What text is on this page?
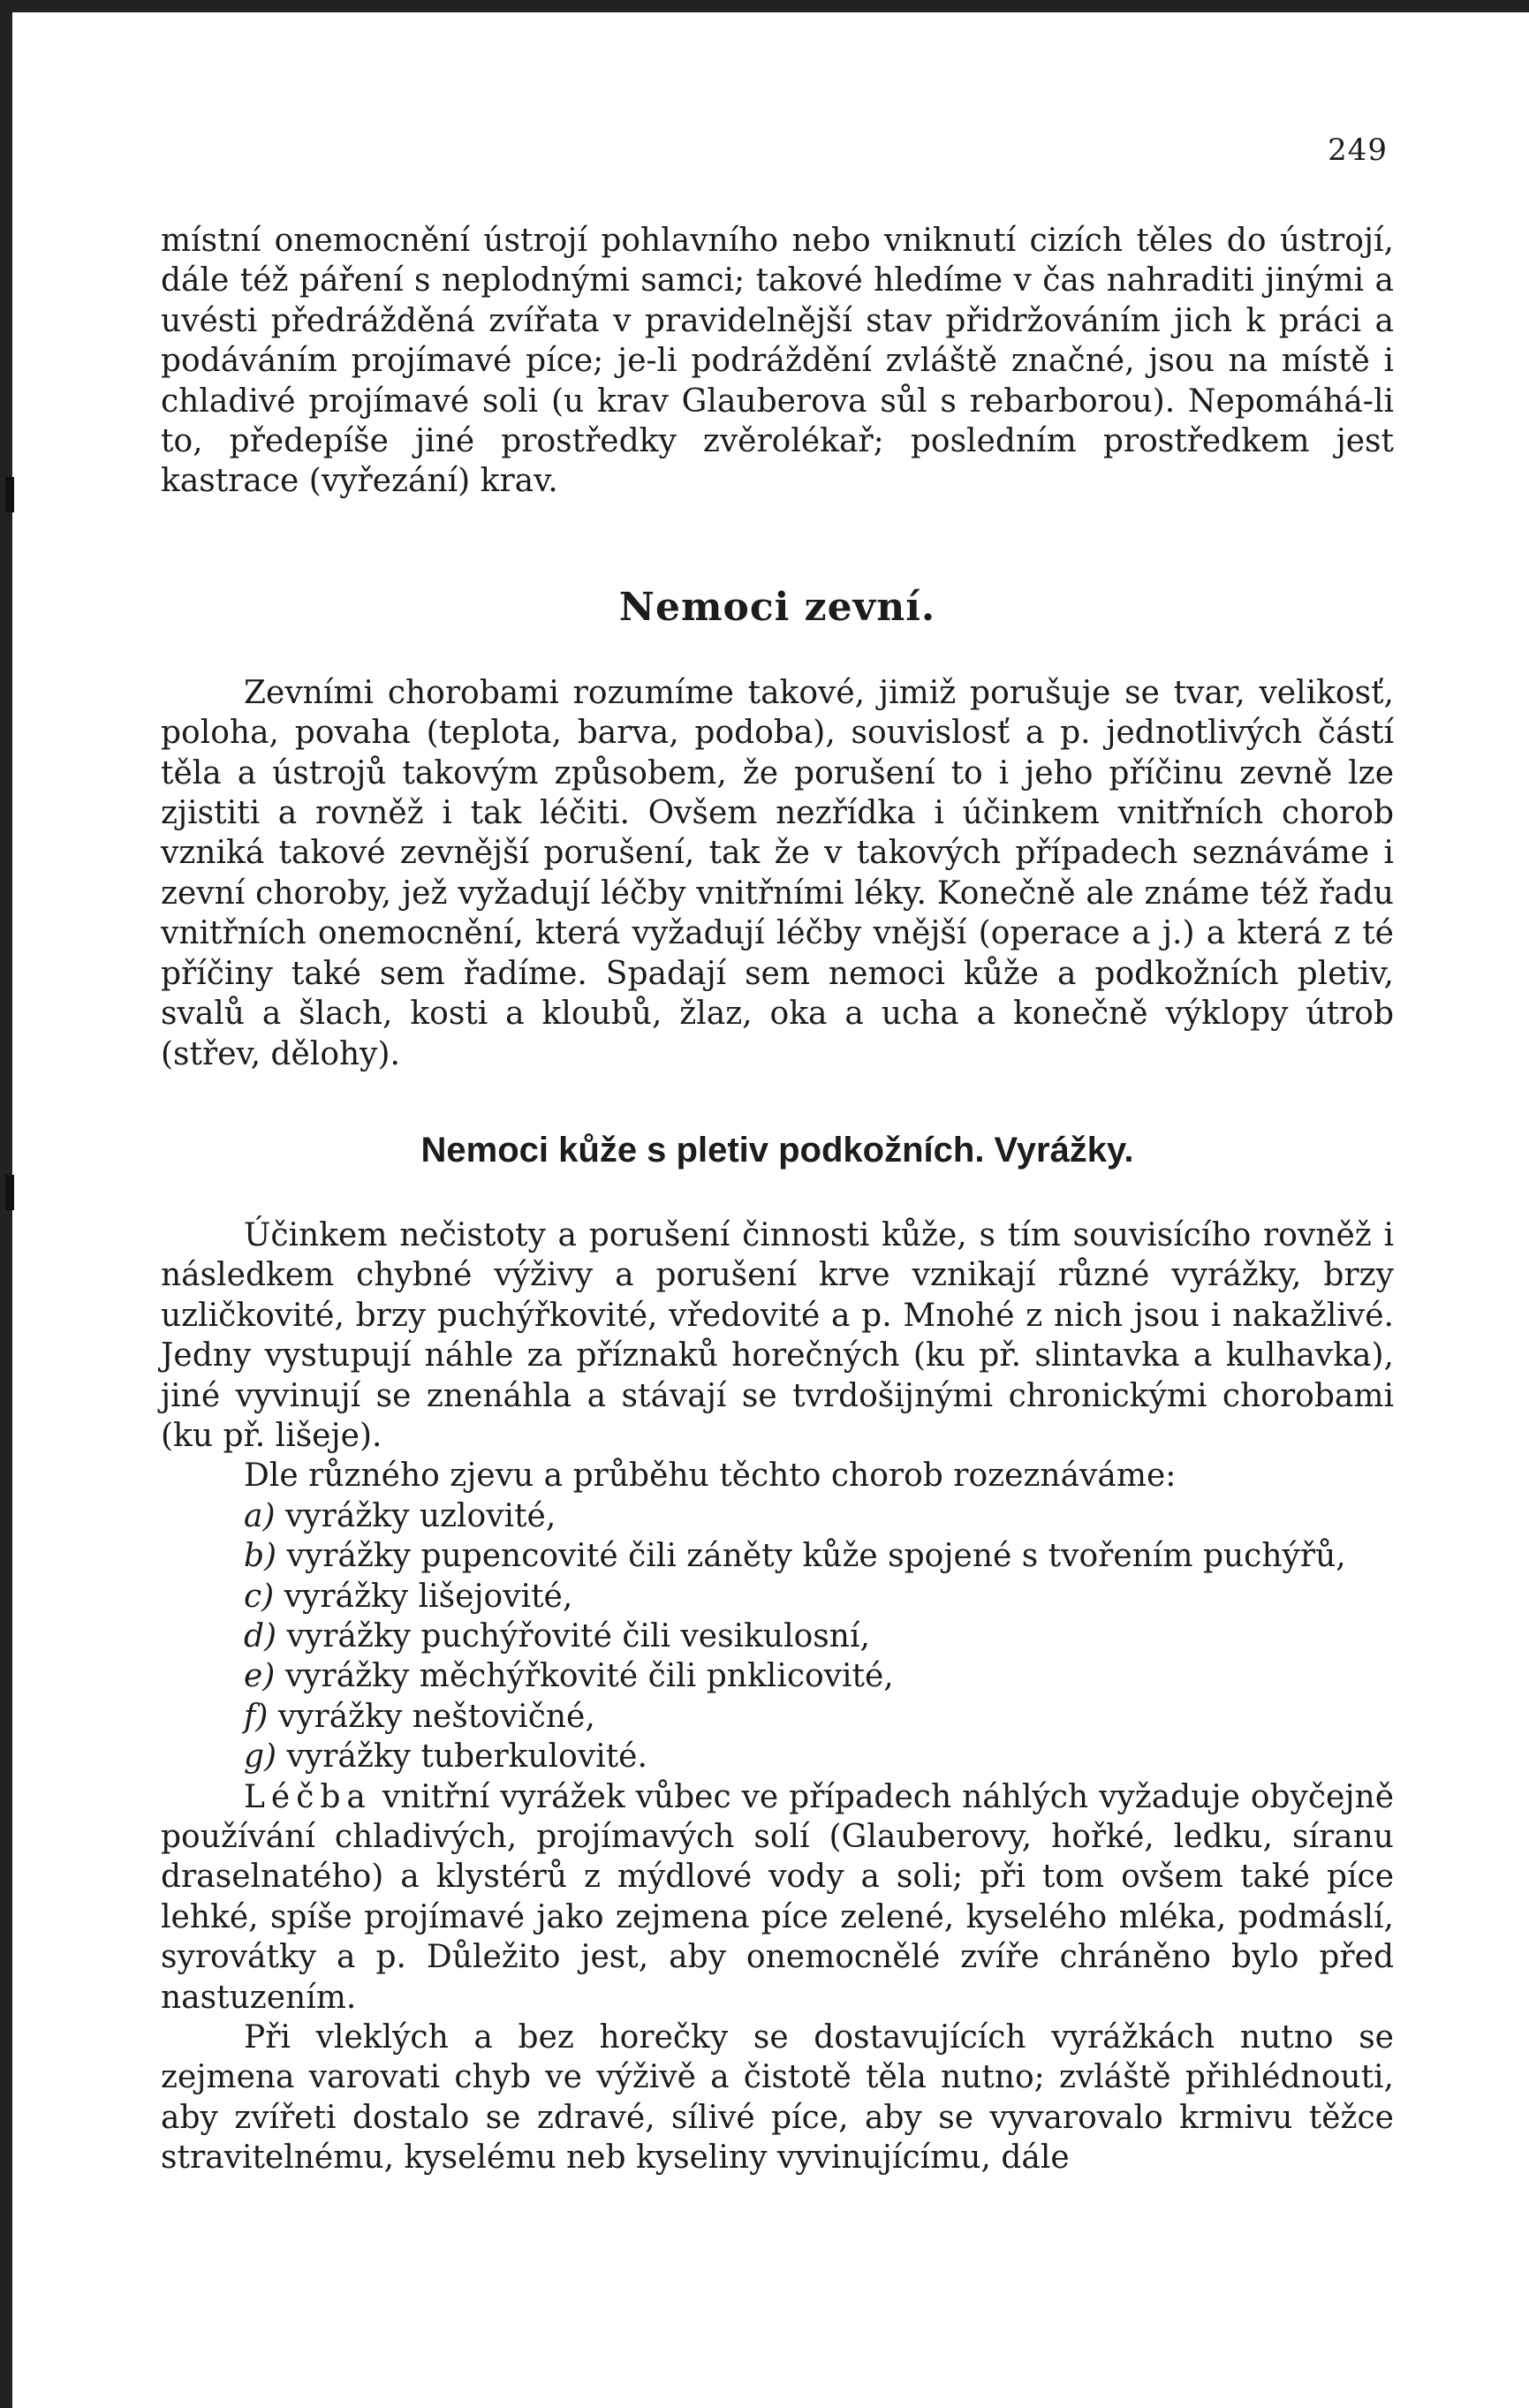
249

místní onemocnění ústrojí pohlavního nebo vniknutí cizích těles do ústrojí, dále též páření s neplodnými samci; takové hledíme v čas nahraditi jinými a uvésti předrážděná zvířata v pravidelnější stav přidržováním jich k práci a podáváním projímavé píce; je-li podráždění zvláště značné, jsou na místě i chladivé projímavé soli (u krav Glauberova sůl s rebarborou). Nepomáhá-li to, předepíše jiné prostředky zvěrolékař; posledním prostředkem jest kastrace (vyřezání) krav.

Nemoci zevní.

Zevními chorobami rozumíme takové, jimiž porušuje se tvar, velikosť, poloha, povaha (teplota, barva, podoba), souvislosť a p. jednotlivých částí těla a ústrojů takovým způsobem, že porušení to i jeho příčinu zevně lze zjistiti a rovněž i tak léčiti. Ovšem nezřídka i účinkem vnitřních chorob vzniká takové zevnější porušení, tak že v takových případech seznáváme i zevní choroby, jež vyžadují léčby vnitřními léky. Konečně ale známe též řadu vnitřních onemocnění, která vyžadují léčby vnější (operace a j.) a která z té příčiny také sem řadíme. Spadají sem nemoci kůže a podkožních pletiv, svalů a šlach, kosti a kloubů, žlaz, oka a ucha a konečně výklopy útrob (střev, dělohy).

Nemoci kůže s pletiv podkožních. Vyrážky.

Účinkem nečistoty a porušení činnosti kůže, s tím souvisícího rovněž i následkem chybné výživy a porušení krve vznikají různé vyrážky, brzy uzličkovité, brzy puchýřkovité, vředovité a p. Mnohé z nich jsou i nakažlivé. Jedny vystupují náhle za příznaků horečných (ku př. slintavka a kulhavka), jiné vyvinují se znenáhla a stávají se tvrdošijnými chronickými chorobami (ku př. lišeje).

Dle různého zjevu a průběhu těchto chorob rozeznáváme:

a) vyrážky uzlovité,
b) vyrážky pupencovité čili záněty kůže spojené s tvořením puchýřů,
c) vyrážky lišejovité,
d) vyrážky puchýřovité čili vesikulosní,
e) vyrážky měchýřkovité čili pnklicovité,
f) vyrážky neštovičné,
g) vyrážky tuberkulovité.

Léčba vnitřní vyrážek vůbec ve případech náhlých vyžaduje obyčejně používání chladivých, projímavých solí (Glauberovy, hořké, ledku, síranu draselnatého) a klystérů z mýdlové vody a soli; při tom ovšem také píce lehké, spíše projímavé jako zejmena píce zelené, kyselého mléka, podmáslí, syrovátky a p. Důležito jest, aby onemocnělé zvíře chráněno bylo před nastuzením.

Při vleklých a bez horečky se dostavujících vyrážkách nutno se zejmena varovati chyb ve výživě a čistotě těla nutno; zvláště přihlédnouti, aby zvířeti dostalo se zdravé, sílivé píce, aby se vyvarovalo krmivu těžce stravitelnému, kyselému neb kyseliny vyvinujícímu, dále
